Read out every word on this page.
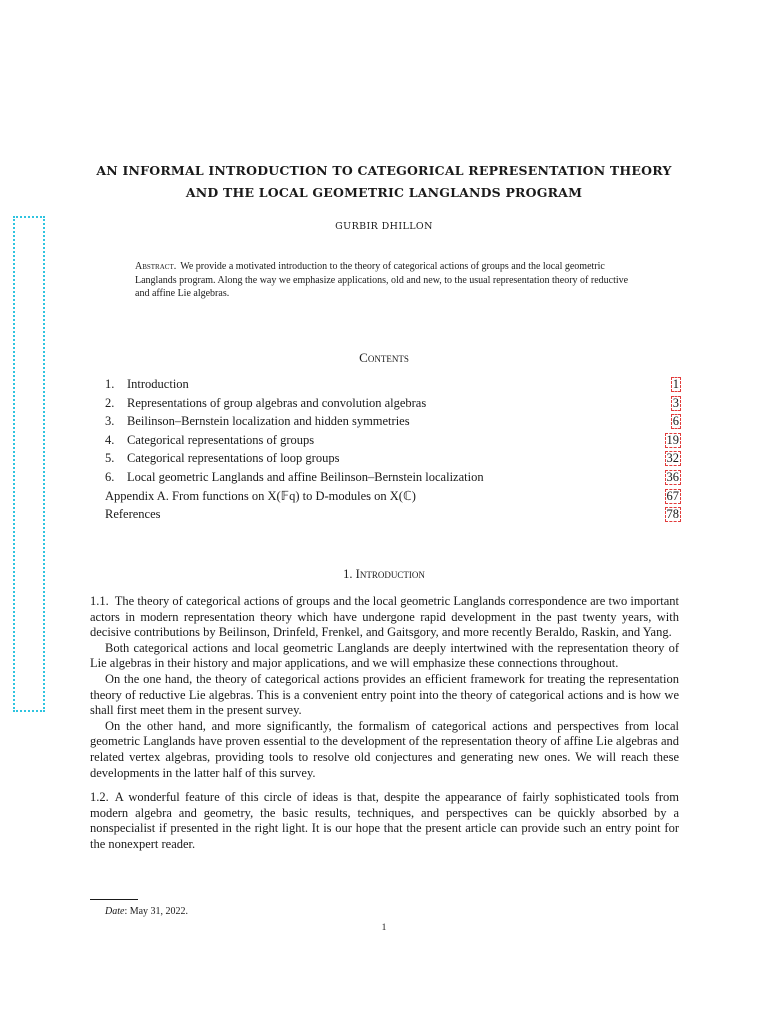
AN INFORMAL INTRODUCTION TO CATEGORICAL REPRESENTATION THEORY
AND THE LOCAL GEOMETRIC LANGLANDS PROGRAM
GURBIR DHILLON
Abstract. We provide a motivated introduction to the theory of categorical actions of groups and the local geometric Langlands program. Along the way we emphasize applications, old and new, to the usual representation theory of reductive and affine Lie algebras.
Contents
1. Introduction	1
2. Representations of group algebras and convolution algebras	3
3. Beilinson–Bernstein localization and hidden symmetries	6
4. Categorical representations of groups	19
5. Categorical representations of loop groups	32
6. Local geometric Langlands and affine Beilinson–Bernstein localization	36
Appendix A. From functions on X(𝔽q) to D-modules on X(ℂ)	67
References	78
1. Introduction

1.1. The theory of categorical actions of groups and the local geometric Langlands correspondence are two important actors in modern representation theory which have undergone rapid development in the past twenty years, with decisive contributions by Beilinson, Drinfeld, Frenkel, and Gaitsgory, and more recently Beraldo, Raskin, and Yang.

Both categorical actions and local geometric Langlands are deeply intertwined with the representation theory of Lie algebras in their history and major applications, and we will emphasize these connections throughout.

On the one hand, the theory of categorical actions provides an efficient framework for treating the representation theory of reductive Lie algebras. This is a convenient entry point into the theory of categorical actions and is how we shall first meet them in the present survey.

On the other hand, and more significantly, the formalism of categorical actions and perspectives from local geometric Langlands have proven essential to the development of the representation theory of affine Lie algebras and related vertex algebras, providing tools to resolve old conjectures and generating new ones. We will reach these developments in the latter half of this survey.

1.2. A wonderful feature of this circle of ideas is that, despite the appearance of fairly sophisticated tools from modern algebra and geometry, the basic results, techniques, and perspectives can be quickly absorbed by a nonspecialist if presented in the right light. It is our hope that the present article can provide such an entry point for the nonexpert reader.

Date: May 31, 2022.
1
